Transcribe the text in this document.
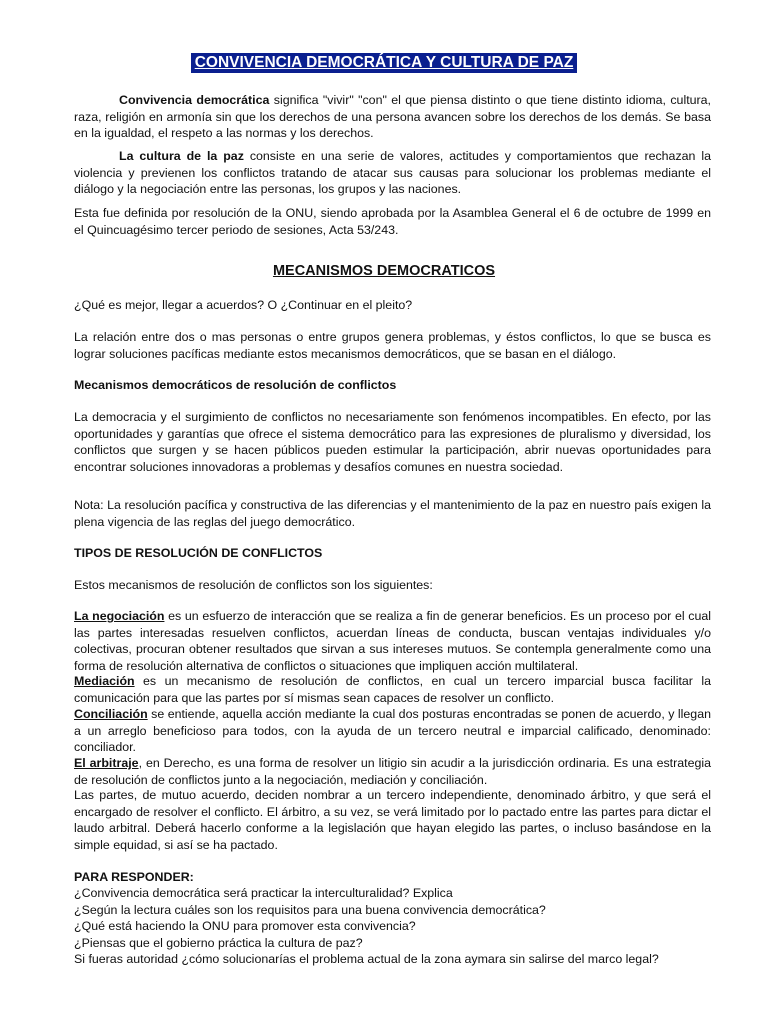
CONVIVENCIA DEMOCRÁTICA Y CULTURA DE PAZ

Convivencia democrática significa "vivir" "con" el que piensa distinto o que tiene distinto idioma, cultura, raza, religión en armonía sin que los derechos de una persona avancen sobre los derechos de los demás. Se basa en la igualdad, el respeto a las normas y los derechos.

La cultura de la paz consiste en una serie de valores, actitudes y comportamientos que rechazan la violencia y previenen los conflictos tratando de atacar sus causas para solucionar los problemas mediante el diálogo y la negociación entre las personas, los grupos y las naciones.

Esta fue definida por resolución de la ONU, siendo aprobada por la Asamblea General el 6 de octubre de 1999 en el Quincuagésimo tercer periodo de sesiones, Acta 53/243.

MECANISMOS DEMOCRATICOS

¿Qué es mejor, llegar a acuerdos? O ¿Continuar en el pleito?

La relación entre dos o mas personas o entre grupos genera problemas, y éstos conflictos, lo que se busca es lograr soluciones pacíficas mediante estos mecanismos democráticos, que se basan en el diálogo.

Mecanismos democráticos de resolución de conflictos

La democracia y el surgimiento de conflictos no necesariamente son fenómenos incompatibles. En efecto, por las oportunidades y garantías que ofrece el sistema democrático para las expresiones de pluralismo y diversidad, los conflictos que surgen y se hacen públicos pueden estimular la participación, abrir nuevas oportunidades para encontrar soluciones innovadoras a problemas y desafíos comunes en nuestra sociedad.

Nota: La resolución pacífica y constructiva de las diferencias y el mantenimiento de la paz en nuestro país exigen la plena vigencia de las reglas del juego democrático.

TIPOS DE RESOLUCIÓN DE CONFLICTOS

Estos mecanismos de resolución de conflictos son los siguientes:

La negociación es un esfuerzo de interacción que se realiza a fin de generar beneficios. Es un proceso por el cual las partes interesadas resuelven conflictos, acuerdan líneas de conducta, buscan ventajas individuales y/o colectivas, procuran obtener resultados que sirvan a sus intereses mutuos. Se contempla generalmente como una forma de resolución alternativa de conflictos o situaciones que impliquen acción multilateral.

Mediación es un mecanismo de resolución de conflictos, en cual un tercero imparcial busca facilitar la comunicación para que las partes por sí mismas sean capaces de resolver un conflicto.

Conciliación se entiende, aquella acción mediante la cual dos posturas encontradas se ponen de acuerdo, y llegan a un arreglo beneficioso para todos, con la ayuda de un tercero neutral e imparcial calificado, denominado: conciliador.

El arbitraje, en Derecho, es una forma de resolver un litigio sin acudir a la jurisdicción ordinaria. Es una estrategia de resolución de conflictos junto a la negociación, mediación y conciliación.

Las partes, de mutuo acuerdo, deciden nombrar a un tercero independiente, denominado árbitro, y que será el encargado de resolver el conflicto. El árbitro, a su vez, se verá limitado por lo pactado entre las partes para dictar el laudo arbitral. Deberá hacerlo conforme a la legislación que hayan elegido las partes, o incluso basándose en la simple equidad, si así se ha pactado.

PARA RESPONDER:

¿Convivencia democrática será practicar la interculturalidad? Explica
¿Según la lectura cuáles son los requisitos para una buena convivencia democrática?
¿Qué está haciendo la ONU para promover esta convivencia?
¿Piensas que el gobierno práctica la cultura de paz?
Si fueras autoridad ¿cómo solucionarías el problema actual de la zona aymara sin salirse del marco legal?
